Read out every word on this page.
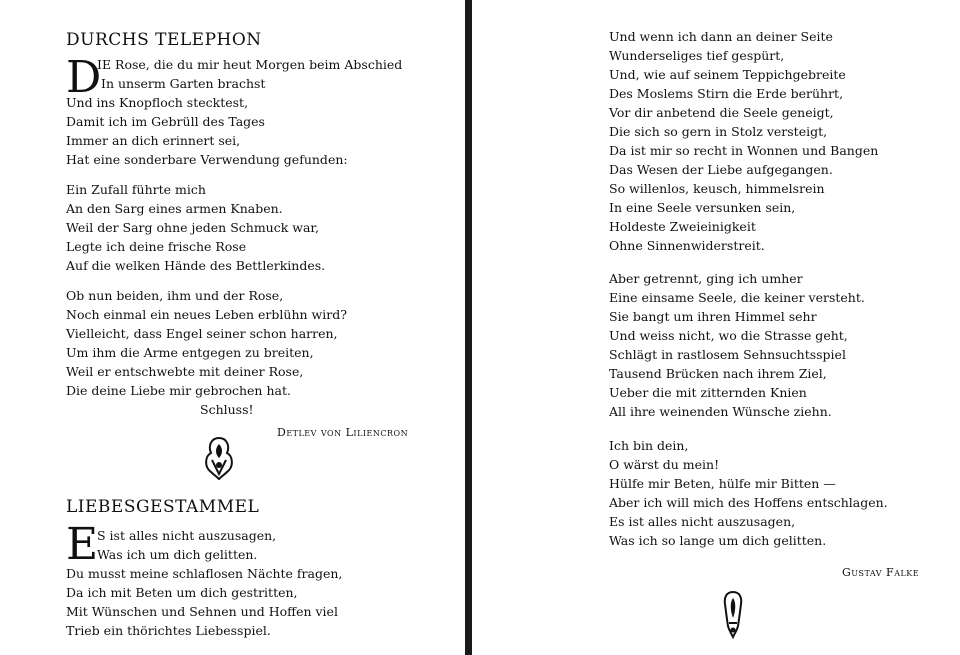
DURCHS TELEPHON
D
IE Rose, die du mir heut Morgen beim Abschied
In unserm Garten brachst
Und ins Knopfloch stecktest,
Damit ich im Gebrüll des Tages
Immer an dich erinnert sei,
Hat eine sonderbare Verwendung gefunden:
Ein Zufall führte mich
An den Sarg eines armen Knaben.
Weil der Sarg ohne jeden Schmuck war,
Legte ich deine frische Rose
Auf die welken Hände des Bettlerkindes.
Ob nun beiden, ihm und der Rose,
Noch einmal ein neues Leben erblühn wird?
Vielleicht, dass Engel seiner schon harren,
Um ihm die Arme entgegen zu breiten,
Weil er entschwebte mit deiner Rose,
Die deine Liebe mir gebrochen hat.
Schluss!
Detlev von Liliencron
LIEBESGESTAMMEL
E
S ist alles nicht auszusagen,
Was ich um dich gelitten.
Du musst meine schlaflosen Nächte fragen,
Da ich mit Beten um dich gestritten,
Mit Wünschen und Sehnen und Hoffen viel
Trieb ein thörichtes Liebesspiel.
Und wenn ich dann an deiner Seite
Wunderseliges tief gespürt,
Und, wie auf seinem Teppichgebreite
Des Moslems Stirn die Erde berührt,
Vor dir anbetend die Seele geneigt,
Die sich so gern in Stolz versteigt,
Da ist mir so recht in Wonnen und Bangen
Das Wesen der Liebe aufgegangen.
So willenlos, keusch, himmelsrein
In eine Seele versunken sein,
Holdeste Zweieinigkeit
Ohne Sinnenwiderstreit.
Aber getrennt, ging ich umher
Eine einsame Seele, die keiner versteht.
Sie bangt um ihren Himmel sehr
Und weiss nicht, wo die Strasse geht,
Schlägt in rastlosem Sehnsuchtsspiel
Tausend Brücken nach ihrem Ziel,
Ueber die mit zitternden Knien
All ihre weinenden Wünsche ziehn.
Ich bin dein,
O wärst du mein!
Hülfe mir Beten, hülfe mir Bitten —
Aber ich will mich des Hoffens entschlagen.
Es ist alles nicht auszusagen,
Was ich so lange um dich gelitten.
Gustav Falke
